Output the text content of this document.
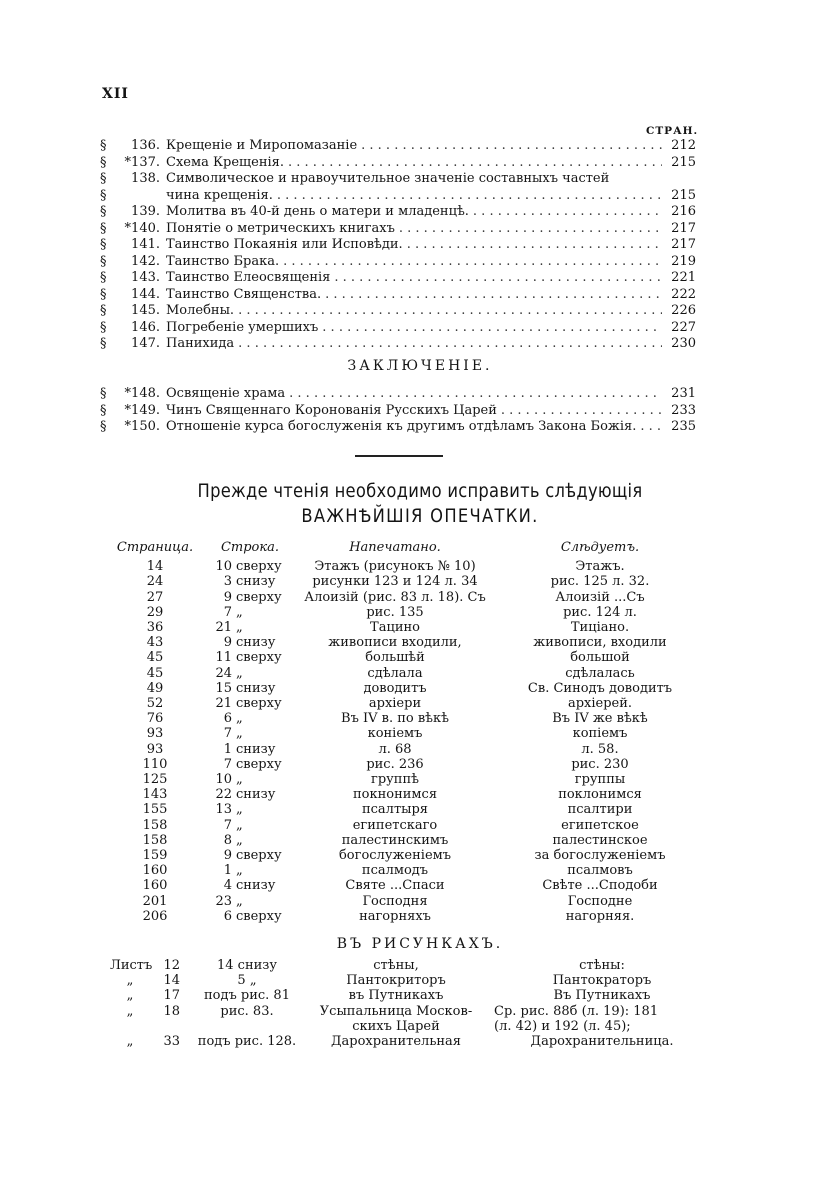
XII
СТРАН.
§	136. Крещеніе и Миропомазаніе . . .	212
§	*137. Схема Крещенія. . . .	215
§	138. Символическое и нравоучительное значеніе составныхъ частей
§	чина крещенія. . . .	215
§	139. Молитва въ 40-й день о матери и младенцѣ. . . .	216
§	*140. Понятіе о метрическихъ книгахъ . . .	217
§	141. Таинство Покаянія или Исповѣди. . . .	217
§	142. Таинство Брака. . . .	219
§	143. Таинство Елеосвященія . . .	221
§	144. Таинство Священства. . . .	222
§	145. Молебны. . . .	226
§	146. Погребеніе умершихъ . . .	227
§	147. Панихида . . .	230
ЗАКЛЮЧЕНІЕ.
§	*148. Освященіе храма . . .	231
§	*149. Чинъ Священнаго Коронованія Русскихъ Царей . . .	233
§	*150. Отношеніе курса богослуженія къ другимъ отдѣламъ Закона Божія. . . .	235
Прежде чтенія необходимо исправить слѣдующія
ВАЖНѢЙШІЯ ОПЕЧАТКИ.
Страница.	Строка.	Напечатано.	Слѣдуетъ.
14	10 сверху	Этажъ (рисунокъ № 10)	Этажъ.
24	3 снизу	рисунки 123 и 124 л. 34	рис. 125 л. 32.
27	9 сверху	Алоизій (рис. 83 л. 18). Съ	Алоизій ...Съ
29	7 „	рис. 135	рис. 124 л.
36	21 „	Тацино	Тиціано.
43	9 снизу	живописи входили,	живописи, входили
45	11 сверху	большѣй	большой
45	24 „	сдѣлала	сдѣлалась
49	15 снизу	доводитъ	Св. Синодъ доводитъ
52	21 сверху	архіери	архіерей.
76	6 „	Въ IV в. по вѣкѣ	Въ IV же вѣкѣ
93	7 „	коніемъ	копіемъ
93	1 снизу	л. 68	л. 58.
110	7 сверху	рис. 236	рис. 230
125	10 „	группѣ	группы
143	22 снизу	покнонимся	поклонимся
155	13 „	псалтыря	псалтири
158	7 „	египетскаго	египетское
158	8 „	палестинскимъ	палестинское
159	9 сверху	богослуженіемъ	за богослуженіемъ
160	1 „	псалмодъ	псалмовъ
160	4 снизу	Святе ...Спаси	Свѣте ...Сподоби
201	23 „	Господня	Господне
206	6 сверху	нагорняхъ	нагорняя.
ВЪ РИСУНКАХЪ.
Листъ 12	14 снизу	стѣны,	стѣны:
„	14	5 „	Пантокриторъ	Пантократоръ
„	17	подъ рис. 81	въ Путникахъ	Въ Путникахъ
„	18	рис. 83.	Усыпальница Москов-	Ср. рис. 88б (л. 19): 181
скихъ Царей	(л. 42) и 192 (л. 45);
„	33	подъ рис. 128.	Дарохранительная	Дарохранительница.
